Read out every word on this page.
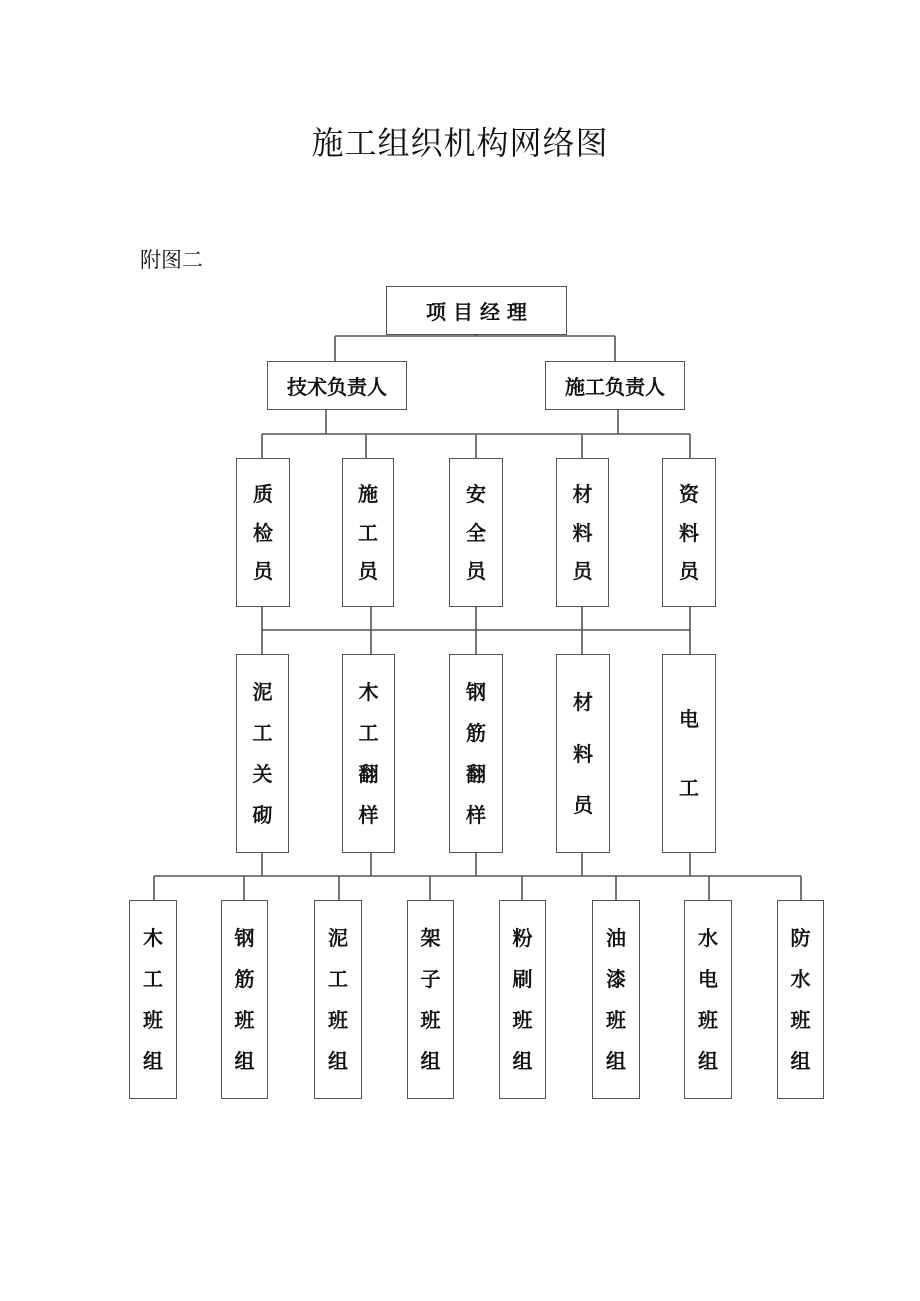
施工组织机构网络图
附图二
项 目 经 理
技术负责人	施工负责人
质
检
员
施
工
员
安
全
员
材
料
员
资
料
员
泥
工
关
砌
木
工
翻
样
钢
筋
翻
样
材
料
员
电
工
木
工
班
组
钢
筋
班
组
泥
工
班
组
架
子
班
组
粉
刷
班
组
油
漆
班
组
水
电
班
组
防
水
班
组
